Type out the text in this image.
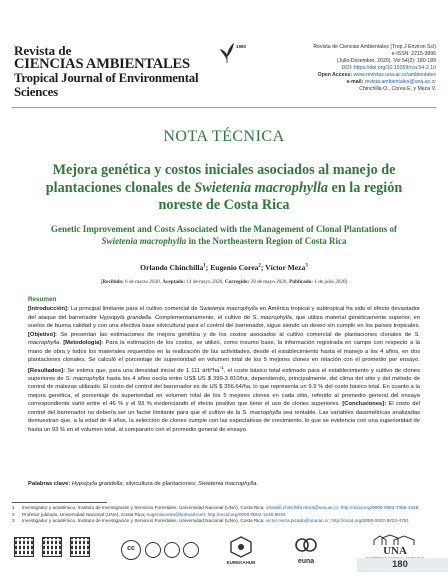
Revista de
CIENCIAS AMBIENTALES
Tropical Journal of Environmental Sciences
1980	Revista de Ciencias Ambientales (Trop J Environ Sci)
e-ISSN: 2215-3896
(Julio-Diciembre, 2020). Vol 54(2): 180-189
DOI: https://doi.org/10.15359/rca.54-2.10
Open Access: www.revistas.una.ac.cr/ambientales
e-mail: revista.ambientales@una.ac.cr
Chinchilla O., Corea E. y Meza V.
NOTA TÉCNICA
Mejora genética y costos iniciales asociados al manejo de plantaciones clonales de Swietenia macrophylla en la región noreste de Costa Rica
Genetic Improvement and Costs Associated with the Management of Clonal Plantations of Swietenia macrophylla in the Northeastern Region of Costa Rica
Orlando Chinchilla$^1$; Eugenio Corea$^2$; Víctor Meza$^3$
[Recibido: 6 de marzo 2020, Aceptado: 14 de mayo 2020, Corregido: 28 de mayo 2020, Publicado: 1 de julio 2020]
Resumen
[Introducción]: La principal limitante para el cultivo comercial de Swietenia macrophylla en América tropical y subtropical ha sido el efecto devastador del ataque del barrenador Hypsipyla grandella. Complementariamente, el cultivo de S. macrophylla, que utiliza material genéticamente superior, en suelos de buena calidad y con una efectiva base silvicultural para el control del barrenador, sigue siendo un deseo sin cumplir en los países tropicales. [Objetivo]: Se presentan las estimaciones de mejora genética y de los costos asociados al cultivo comercial de plantaciones clonales de S. macrophylla. [Metodología]: Para la estimación de los costos, se utilizó, como insumo base, la información registrada en campo con respecto a la mano de obra y todos los materiales requeridos en la realización de las actividades, desde el establecimiento hasta el manejo a los 4 años, en dos plantaciones clonales. Se calculó el porcentaje de superioridad en volumen total de los 5 mejores clones en relación con el promedio por ensayo. [Resultados]: Se estima que, para una densidad inicial de 1 111 $árb*ha^{-1}$, el costo básico total estimado para el establecimiento y cultivo de clones superiores de S. macrophylla hasta los 4 años oscila entre US$ US $ 399-3 810/ha, dependiendo, principalmente, del clima del sitio y del método de control de malezas utilizado. El costo del control del barrenador es de US $ 356.64/ha, lo que representa un 9.9 % del costo básico total. En cuanto a la mejora genética, el porcentaje de superioridad en volumen total de los 5 mejores clones en cada sitio, referido al promedio general del ensayo correspondiente varió entre el 46 % y el 93 % evidenciando el efecto positivo que tiene el uso de clones superiores. [Conclusiones]: El costo del control del barrenador no debería ser un factor limitante para que el cultivo de la S. macrophylla sea rentable. Las variables dasométricas analizadas demuestran que, a la edad de 4 años, la selección de clones cumple con las expectativas de crecimiento, lo que se evidencia con una superioridad de hasta un 93 % en el volumen total, al compararlo con el promedio general de ensayo.
Palabras clave: Hypsipyla grandella; silvicultura de plantaciones; Swietenia macrophylla.
1	Investigador y académico, Instituto de Investigación y Servicios Forestales, Universidad Nacional (UNA), Costa Rica; orlando.chinchilla.mora@una.ac.cr; http://orcid.org/0000-0002-7356-3428
2	Profesor jubilado, Universidad Nacional (UNA), Costa Rica; eugeniocorea@hotmail.com; http://orcid.org/0000-0002-1536-8030
3	Investigador y académico, Instituto de Investigación y Servicios Forestales, Universidad Nacional (UNA), Costa Rica; victor.meza.picado@una.ac.cr; http://orcid.org/0000-0002-8223-4761
cc
EUREKAHUB	euna
UNA
180
